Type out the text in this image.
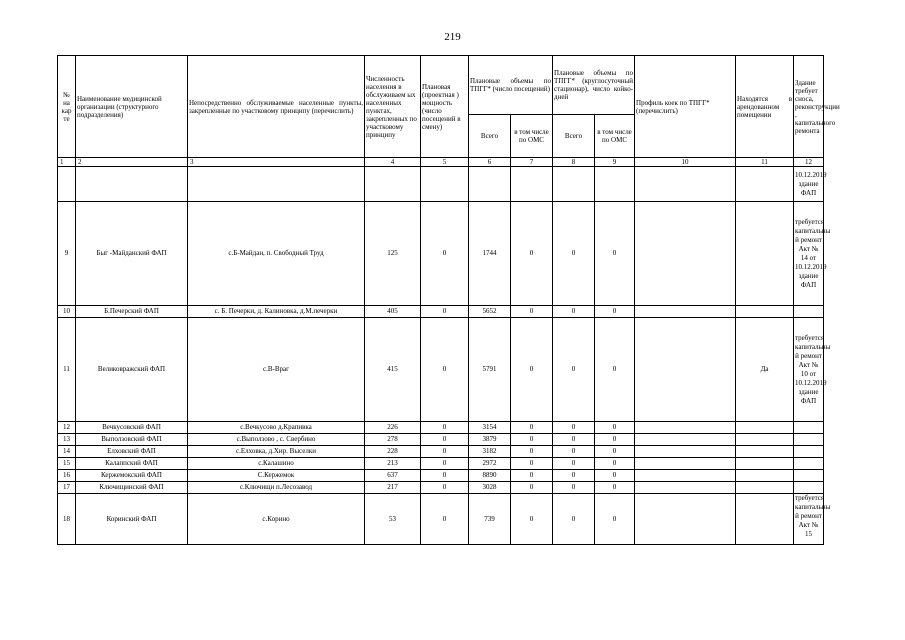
219
№ на кар те	Наименование медицинской организации (структурного подразделения)	Непосредственно обслуживаемые населенные пункты, закрепленные по участковому принципу (перечислить)	Численность населения в обслуживаем ых населенных пунктах, закрепленных по участковому принципу	Плановая (проектная ) мощность (число посещений в смену)	Плановые объемы по ТПГГ* (число посещений)		Плановые объемы по ТПГГ* (круглосуточный стационар), число койко-дней		Профиль коек по ТПГГ* (перечислить)	Находятся в арендованном помещении	Здание требует сноса, реконструкции , капитального ремонта
					Всего	в том числе по ОМС	Всего	в том числе по ОМС			
1	2	3	4	5	6	7	8	9	10	11	12
											10.12.2019 здание ФАП
9	Быг -Майданский ФАП	с.Б-Майдан, п. Свободный Труд	125	0	1744	0	0	0			требуется капитальны й ремонт Акт № 14 от 10.12.2019 здание ФАП
10	Б.Печерский ФАП	с. Б. Печерки, д. Калиновка, д.М.печерки	405	0	5652	0	0	0			
11	Великовражский ФАП	с.В-Враг	415	0	5791	0	0	0		Да	требуется капитальны й ремонт Акт № 10 от 10.12.2019 здание ФАП
12	Вечкусовский ФАП	с.Вечкусово д.Крапивка	226	0	3154	0	0	0			
13	Выползовский ФАП	с.Выползово , с. Свербино	278	0	3879	0	0	0			
14	Елховский ФАП	с.Елховка, д.Хир. Выселки	228	0	3182	0	0	0			
15	Калаппский ФАП	с.Калашино	213	0	2972	0	0	0			
16	Кержемокский ФАП	С.Кержемок	637	0	8890	0	0	0			
17	Ключищинский ФАП	с.Ключищи п.Лесозавод	217	0	3028	0	0	0			
18	Коринский ФАП	с.Корино	53	0	739	0	0	0			требуется капитальны й ремонт Акт № 15
